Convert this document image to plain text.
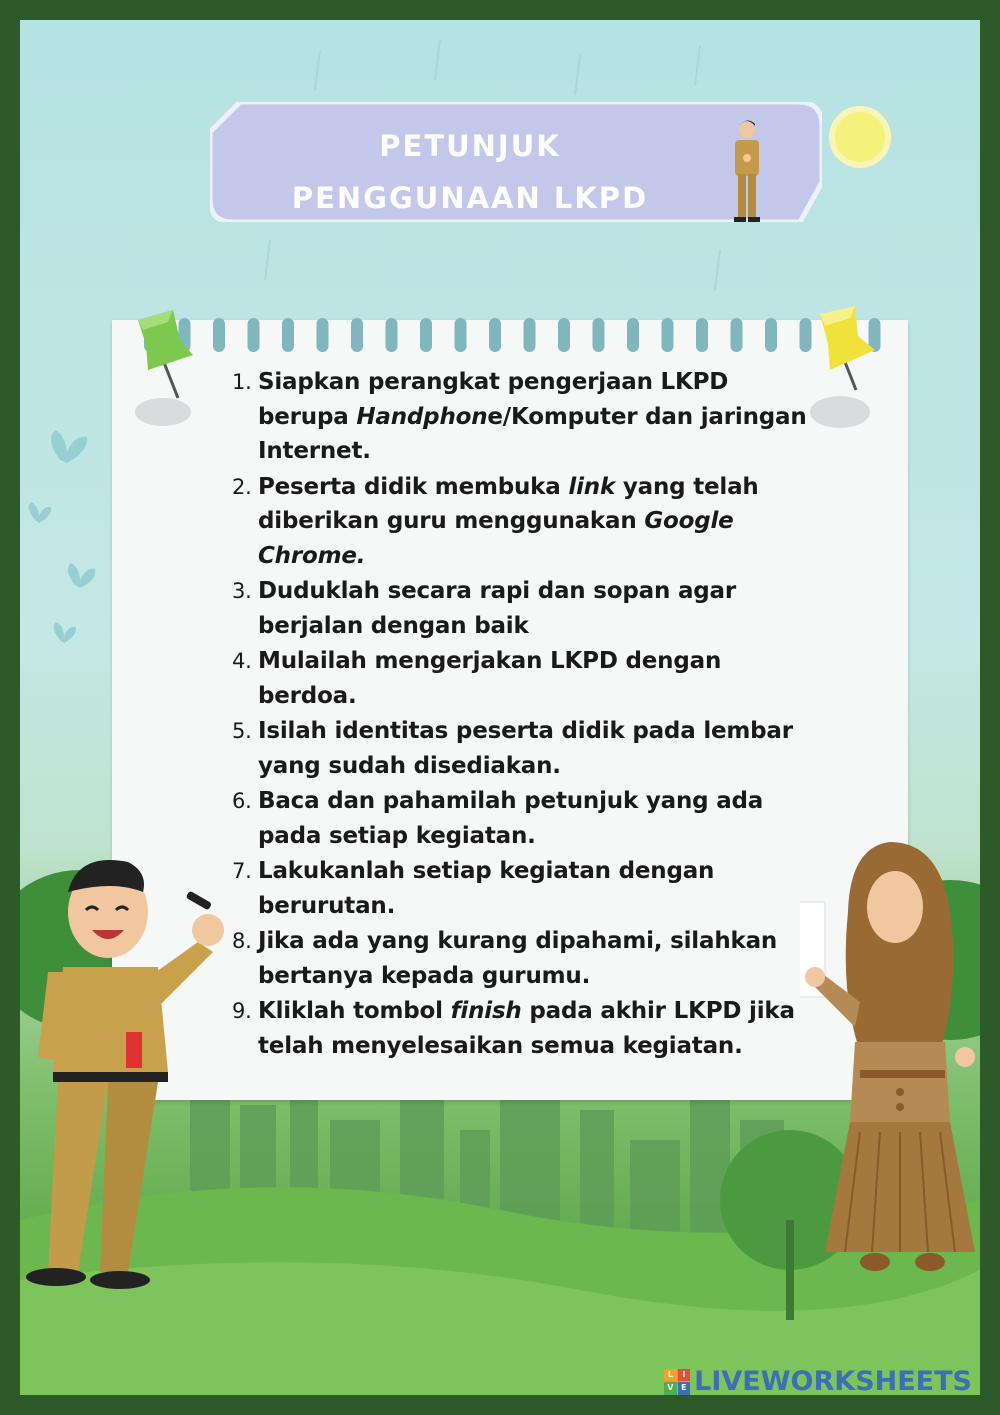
PETUNJUK
PENGGUNAAN LKPD
1. Siapkan perangkat pengerjaan LKPD berupa Handphone/Komputer dan jaringan Internet.
2. Peserta didik membuka link yang telah diberikan guru menggunakan Google Chrome.
3. Duduklah secara rapi dan sopan agar berjalan dengan baik
4. Mulailah mengerjakan LKPD dengan berdoa.
5. Isilah identitas peserta didik pada lembar yang sudah disediakan.
6. Baca dan pahamilah petunjuk yang ada pada setiap kegiatan.
7. Lakukanlah setiap kegiatan dengan berurutan.
8. Jika ada yang kurang dipahami, silahkan bertanya kepada gurumu.
9. Kliklah tombol finish pada akhir LKPD jika telah menyelesaikan semua kegiatan.
L	I
V E LIVEWORKSHEETS
